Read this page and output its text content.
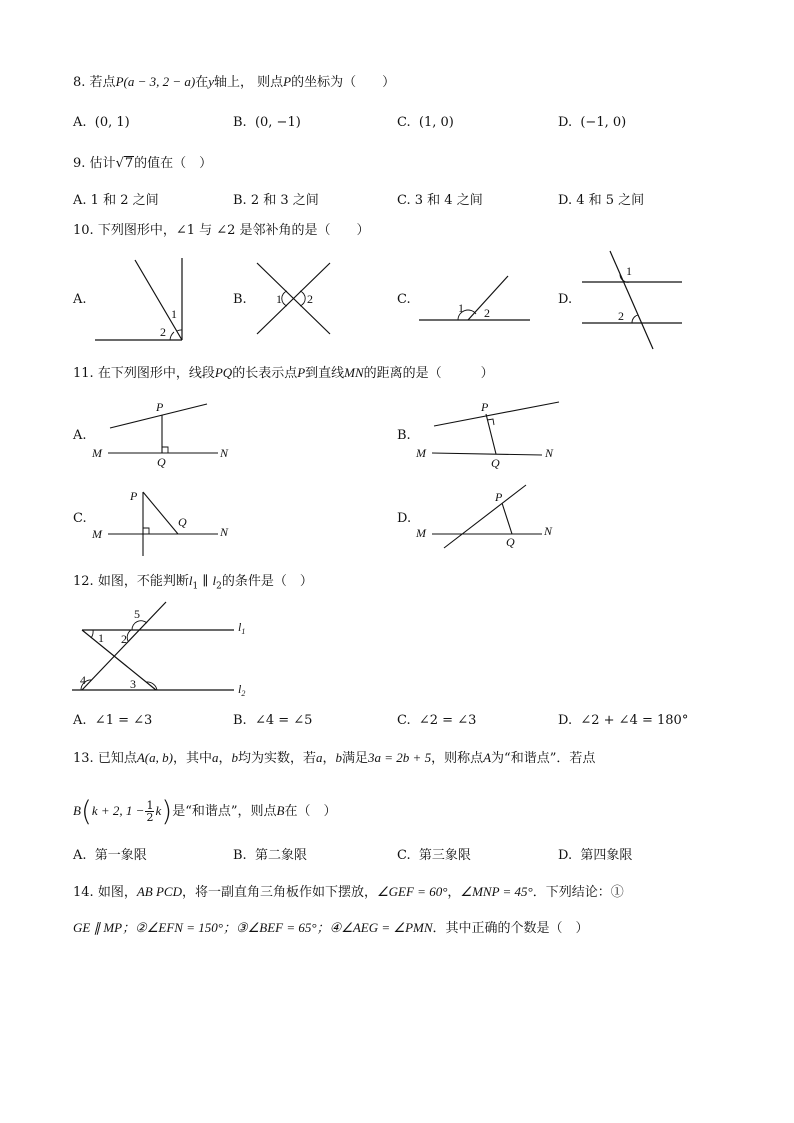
8. 若点P(a − 3, 2 − a)在y轴上， 则点P的坐标为（　　）
A. (0, 1)	B. (0, −1)	C. (1, 0)	D. (−1, 0)
9. 估计√7的值在（　）
A. 1 和 2 之间	B. 2 和 3 之间	C. 3 和 4 之间	D. 4 和 5 之间
10. 下列图形中，∠1 与 ∠2 是邻补角的是（　　）
A.
1
2
B. 1 2	C.
1 2
D.
1
2
11. 在下列图形中，线段PQ的长表示点P到直线MN的距离的是（　　　）
A.
M	N
P
Q
B.
M	N
P
Q
C.
M	N
P
Q	D.
M	N
P
Q
12. 如图，不能判断$l_1$ ∥ $l_2$的条件是（　）
1 2
3
4
5
$l_1$
$l_2$
A. ∠1 = ∠3	B. ∠4 = ∠5	C. ∠2 = ∠3	D. ∠2 + ∠4 = 180°
13. 已知点A(a, b)，其中a，b均为实数，若a，b满足3a = 2b + 5，则称点A为“和谐点”．若点
B(k + 2, $1 - \frac{1}{2} k$)是“和谐点”，则点B在（　）
A. 第一象限	B. 第二象限	C. 第三象限	D. 第四象限
14. 如图，AB PCD，将一副直角三角板作如下摆放，∠GEF = 60°，∠MNP = 45°．下列结论：①
GE ∥ MP；②∠EFN = 150°；③∠BEF = 65°；④∠AEG = ∠PMN．其中正确的个数是（　）
